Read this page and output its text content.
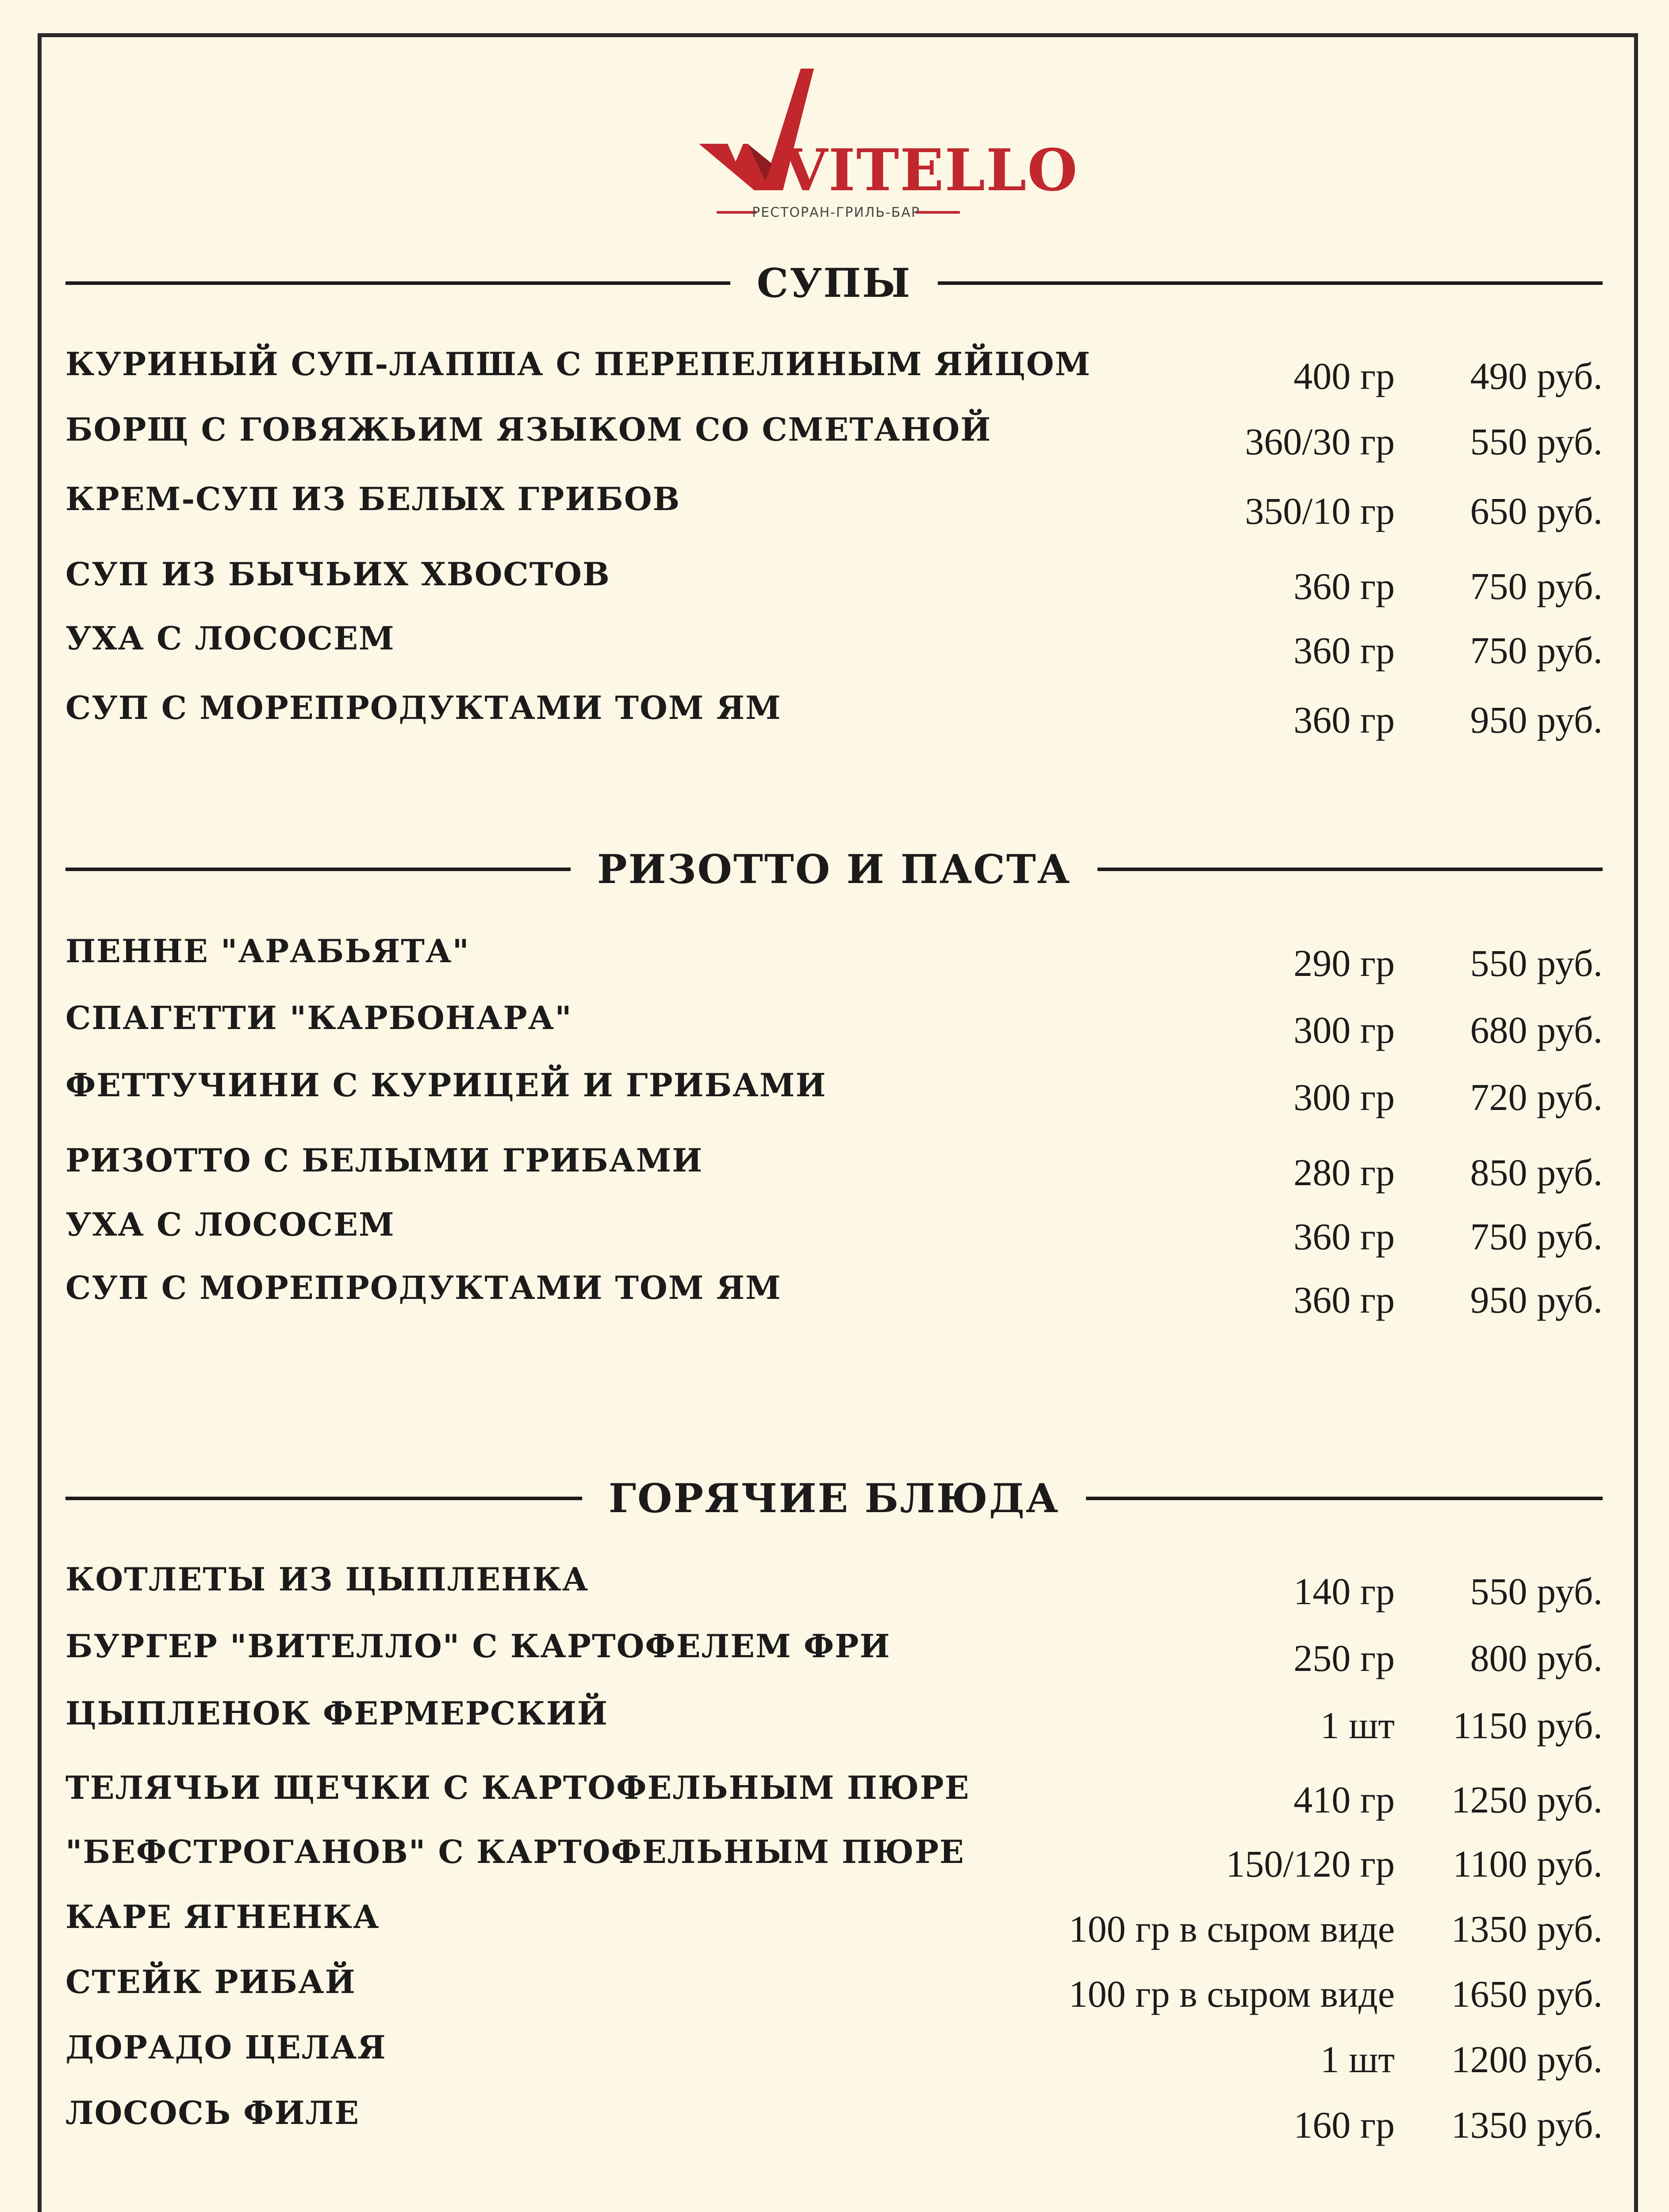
VITELLO
РЕСТОРАН-ГРИЛЬ-БАР
СУПЫ
КУРИНЫЙ СУП-ЛАПША С ПЕРЕПЕЛИНЫМ ЯЙЦОМ	400 гр 490 руб.
БОРЩ С ГОВЯЖЬИМ ЯЗЫКОМ СО СМЕТАНОЙ	360/30 гр 550 руб.
КРЕМ-СУП ИЗ БЕЛЫХ ГРИБОВ	350/10 гр 650 руб.
СУП ИЗ БЫЧЬИХ ХВОСТОВ	360 гр 750 руб.
УХА С ЛОСОСЕМ	360 гр 750 руб.
СУП С МОРЕПРОДУКТАМИ ТОМ ЯМ	360 гр 950 руб.
РИЗОТТО И ПАСТА
ПЕННЕ "АРАБЬЯТА"	290 гр 550 руб.
СПАГЕТТИ "КАРБОНАРА"	300 гр 680 руб.
ФЕТТУЧИНИ С КУРИЦЕЙ И ГРИБАМИ	300 гр 720 руб.
РИЗОТТО С БЕЛЫМИ ГРИБАМИ	280 гр 850 руб.
УХА С ЛОСОСЕМ	360 гр 750 руб.
СУП С МОРЕПРОДУКТАМИ ТОМ ЯМ	360 гр 950 руб.
ГОРЯЧИЕ БЛЮДА
КОТЛЕТЫ ИЗ ЦЫПЛЕНКА	140 гр 550 руб.
БУРГЕР "ВИТЕЛЛО" С КАРТОФЕЛЕМ ФРИ	250 гр 800 руб.
ЦЫПЛЕНОК ФЕРМЕРСКИЙ	1 шт 1150 руб.
ТЕЛЯЧЬИ ЩЕЧКИ С КАРТОФЕЛЬНЫМ ПЮРЕ	410 гр 1250 руб.
"БЕФСТРОГАНОВ" С КАРТОФЕЛЬНЫМ ПЮРЕ	150/120 гр 1100 руб.
КАРЕ ЯГНЕНКА	100 гр в сыром виде 1350 руб.
СТЕЙК РИБАЙ	100 гр в сыром виде 1650 руб.
ДОРАДО ЦЕЛАЯ	1 шт 1200 руб.
ЛОСОСЬ ФИЛЕ	160 гр 1350 руб.
